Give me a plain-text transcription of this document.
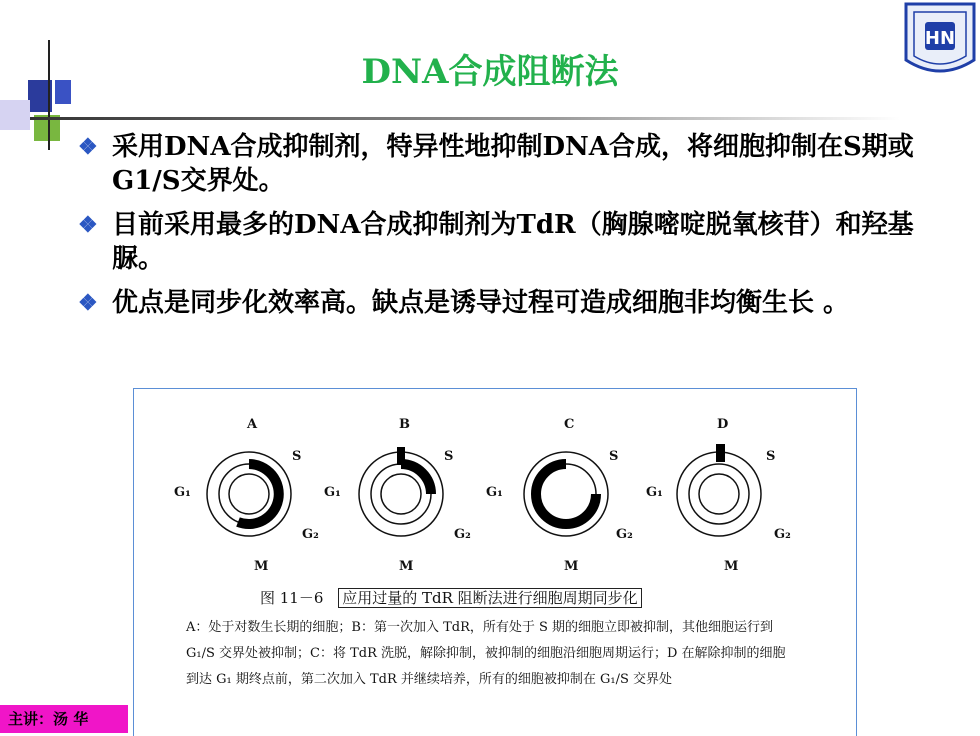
DNA合成阻断法
HN
❖ 采用DNA合成抑制剂，特异性地抑制DNA合成，将细胞抑制在S期或G1/S交界处。
❖ 目前采用最多的DNA合成抑制剂为TdR（胸腺嘧啶脱氧核苷）和羟基脲。
❖ 优点是同步化效率高。缺点是诱导过程可造成细胞非均衡生长 。
A	B	C	D
S
G₁
G₂
M
S
G₁
G₂
M
S
G₁
G₂
M
S
G₁
G₂
M
图 11－6 应用过量的 TdR 阻断法进行细胞周期同步化
A：处于对数生长期的细胞；B：第一次加入 TdR，所有处于 S 期的细胞立即被抑制，其他细胞运行到 G₁/S 交界处被抑制；C：将 TdR 洗脱，解除抑制，被抑制的细胞沿细胞周期运行；D 在解除抑制的细胞到达 G₁ 期终点前，第二次加入 TdR 并继续培养，所有的细胞被抑制在 G₁/S 交界处
主讲：汤 华
